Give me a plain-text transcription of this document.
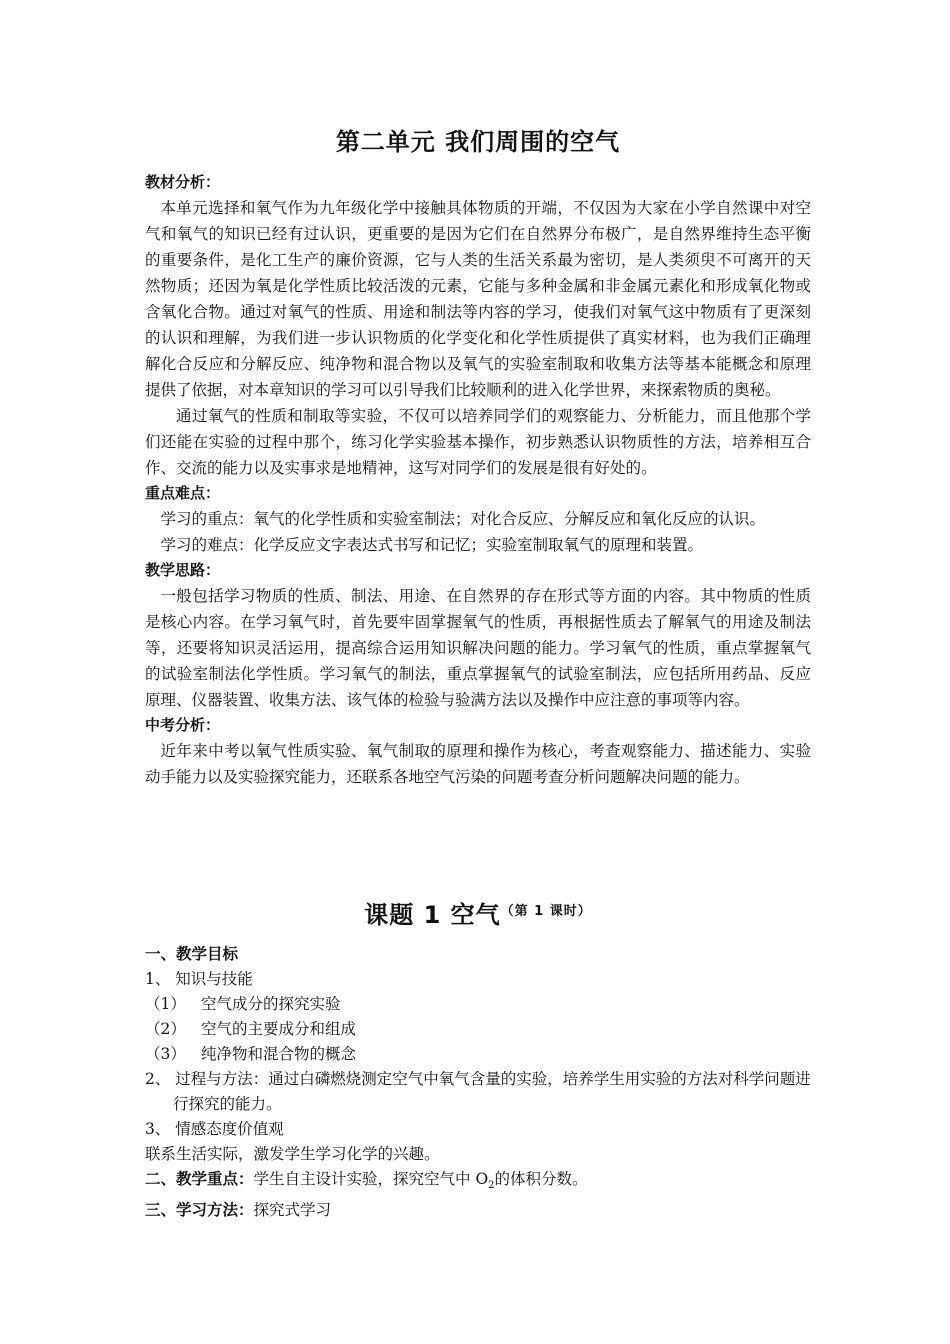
第二单元 我们周围的空气
教材分析：

本单元选择和氧气作为九年级化学中接触具体物质的开端，不仅因为大家在小学自然课中对空气和氧气的知识已经有过认识，更重要的是因为它们在自然界分布极广，是自然界维持生态平衡的重要条件，是化工生产的廉价资源，它与人类的生活关系最为密切，是人类须臾不可离开的天然物质；还因为氧是化学性质比较活泼的元素，它能与多种金属和非金属元素化和形成氧化物或含氧化合物。通过对氧气的性质、用途和制法等内容的学习，使我们对氧气这中物质有了更深刻的认识和理解，为我们进一步认识物质的化学变化和化学性质提供了真实材料，也为我们正确理解化合反应和分解反应、纯净物和混合物以及氧气的实验室制取和收集方法等基本能概念和原理提供了依据，对本章知识的学习可以引导我们比较顺利的进入化学世界，来探索物质的奥秘。

通过氧气的性质和制取等实验，不仅可以培养同学们的观察能力、分析能力，而且他那个学们还能在实验的过程中那个，练习化学实验基本操作，初步熟悉认识物质性的方法，培养相互合作、交流的能力以及实事求是地精神，这写对同学们的发展是很有好处的。

重点难点：

学习的重点：氧气的化学性质和实验室制法；对化合反应、分解反应和氧化反应的认识。

学习的难点：化学反应文字表达式书写和记忆；实验室制取氧气的原理和装置。

教学思路：

一般包括学习物质的性质、制法、用途、在自然界的存在形式等方面的内容。其中物质的性质是核心内容。在学习氧气时，首先要牢固掌握氧气的性质，再根据性质去了解氧气的用途及制法等，还要将知识灵活运用，提高综合运用知识解决问题的能力。学习氧气的性质，重点掌握氧气的试验室制法化学性质。学习氧气的制法，重点掌握氧气的试验室制法，应包括所用药品、反应原理、仪器装置、收集方法、该气体的检验与验满方法以及操作中应注意的事项等内容。

中考分析：

近年来中考以氧气性质实验、氧气制取的原理和操作为核心，考查观察能力、描述能力、实验动手能力以及实验探究能力，还联系各地空气污染的问题考查分析问题解决问题的能力。

课题 1 空气$^{(第 1 课时)}$

一、教学目标

1、 知识与技能

（1） 空气成分的探究实验

（2） 空气的主要成分和组成

（3） 纯净物和混合物的概念

2、 过程与方法：通过白磷燃烧测定空气中氧气含量的实验，培养学生用实验的方法对科学问题进行探究的能力。

3、 情感态度价值观

联系生活实际，激发学生学习化学的兴趣。

二、教学重点：学生自主设计实验，探究空气中 $O_2$的体积分数。

三、学习方法：探究式学习
